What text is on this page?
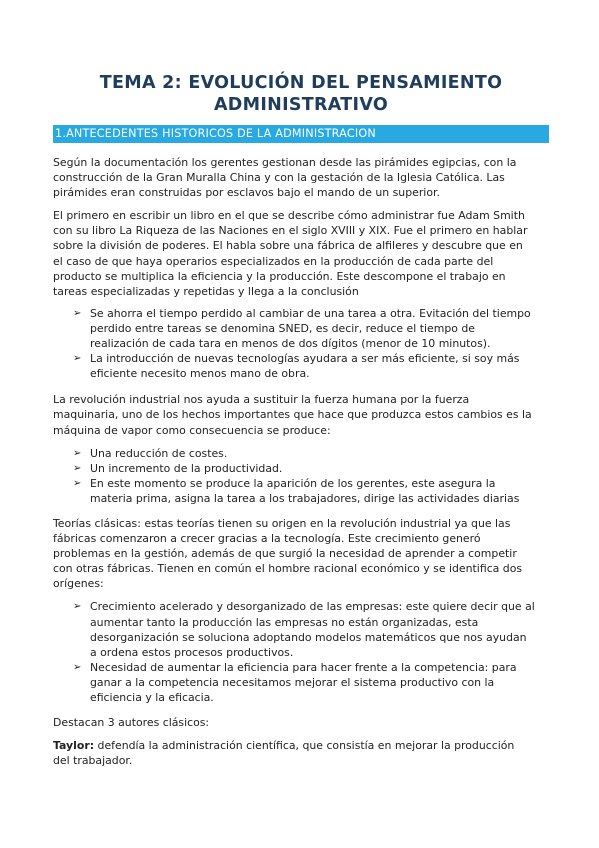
TEMA 2: EVOLUCIÓN DEL PENSAMIENTO
ADMINISTRATIVO
1.ANTECEDENTES HISTORICOS DE LA ADMINISTRACION

Según la documentación los gerentes gestionan desde las pirámides egipcias, con la
construcción de la Gran Muralla China y con la gestación de la Iglesia Católica. Las
pirámides eran construidas por esclavos bajo el mando de un superior.

El primero en escribir un libro en el que se describe cómo administrar fue Adam Smith
con su libro La Riqueza de las Naciones en el siglo XVIII y XIX. Fue el primero en hablar
sobre la división de poderes. El habla sobre una fábrica de alfileres y descubre que en
el caso de que haya operarios especializados en la producción de cada parte del
producto se multiplica la eficiencia y la producción. Este descompone el trabajo en
tareas especializadas y repetidas y llega a la conclusión

➢ Se ahorra el tiempo perdido al cambiar de una tarea a otra. Evitación del tiempo
perdido entre tareas se denomina SNED, es decir, reduce el tiempo de
realización de cada tara en menos de dos dígitos (menor de 10 minutos).
➢ La introducción de nuevas tecnologías ayudara a ser más eficiente, si soy más
eficiente necesito menos mano de obra.

La revolución industrial nos ayuda a sustituir la fuerza humana por la fuerza
maquinaria, uno de los hechos importantes que hace que produzca estos cambios es la
máquina de vapor como consecuencia se produce:

➢ Una reducción de costes.
➢ Un incremento de la productividad.
➢ En este momento se produce la aparición de los gerentes, este asegura la
materia prima, asigna la tarea a los trabajadores, dirige las actividades diarias

Teorías clásicas: estas teorías tienen su origen en la revolución industrial ya que las
fábricas comenzaron a crecer gracias a la tecnología. Este crecimiento generó
problemas en la gestión, además de que surgió la necesidad de aprender a competir
con otras fábricas. Tienen en común el hombre racional económico y se identifica dos
orígenes:

➢ Crecimiento acelerado y desorganizado de las empresas: este quiere decir que al
aumentar tanto la producción las empresas no están organizadas, esta
desorganización se soluciona adoptando modelos matemáticos que nos ayudan
a ordena estos procesos productivos.
➢ Necesidad de aumentar la eficiencia para hacer frente a la competencia: para
ganar a la competencia necesitamos mejorar el sistema productivo con la
eficiencia y la eficacia.

Destacan 3 autores clásicos:

Taylor: defendía la administración científica, que consistía en mejorar la producción
del trabajador.
